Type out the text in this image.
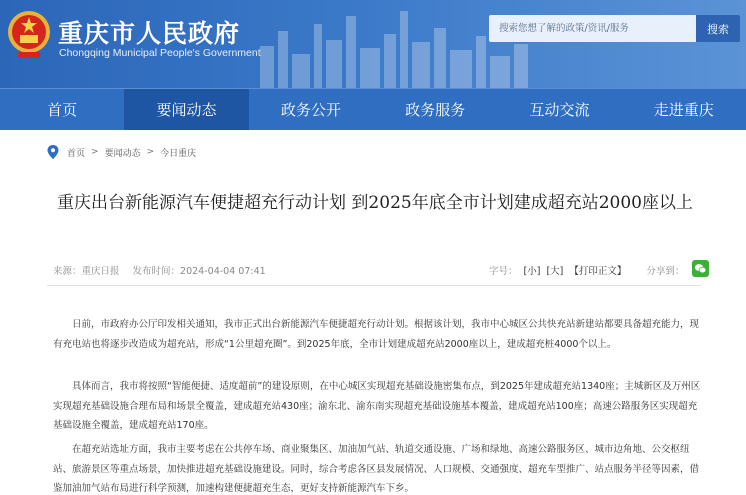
重庆市人民政府
Chongqing Municipal People's Government
搜索您想了解的政策/资讯/服务
搜索
首页	要闻动态	政务公开	政务服务	互动交流	走进重庆
首页 > 要闻动态 > 今日重庆
重庆出台新能源汽车便捷超充行动计划 到2025年底全市计划建成超充站2000座以上
来源：重庆日报 发布时间：2024-04-04 07:41	字号： [小] [大] 【打印正文】 分享到：

日前，市政府办公厅印发相关通知，我市正式出台新能源汽车便捷超充行动计划。根据该计划，我市中心城区公共快充站新建站都要具备超充能力，现有充电站也将逐步改造成为超充站，形成“1公里超充圈”。到2025年底，全市计划建成超充站2000座以上，建成超充桩4000个以上。

具体而言，我市将按照“智能便捷、适度超前”的建设原则，在中心城区实现超充基础设施密集布点，到2025年建成超充站1340座；主城新区及万州区实现超充基础设施合理布局和场景全覆盖，建成超充站430座；渝东北、渝东南实现超充基础设施基本覆盖，建成超充站100座；高速公路服务区实现超充基础设施全覆盖，建成超充站170座。

在超充站选址方面，我市主要考虑在公共停车场、商业聚集区、加油加气站、轨道交通设施、广场和绿地、高速公路服务区、城市边角地、公交枢纽站、旅游景区等重点场景，加快推进超充基础设施建设。同时，综合考虑各区县发展情况、人口规模、交通强度、超充车型推广、站点服务半径等因素，借鉴加油加气站布局进行科学预测，加速构建便捷超充生态，更好支持新能源汽车下乡。
